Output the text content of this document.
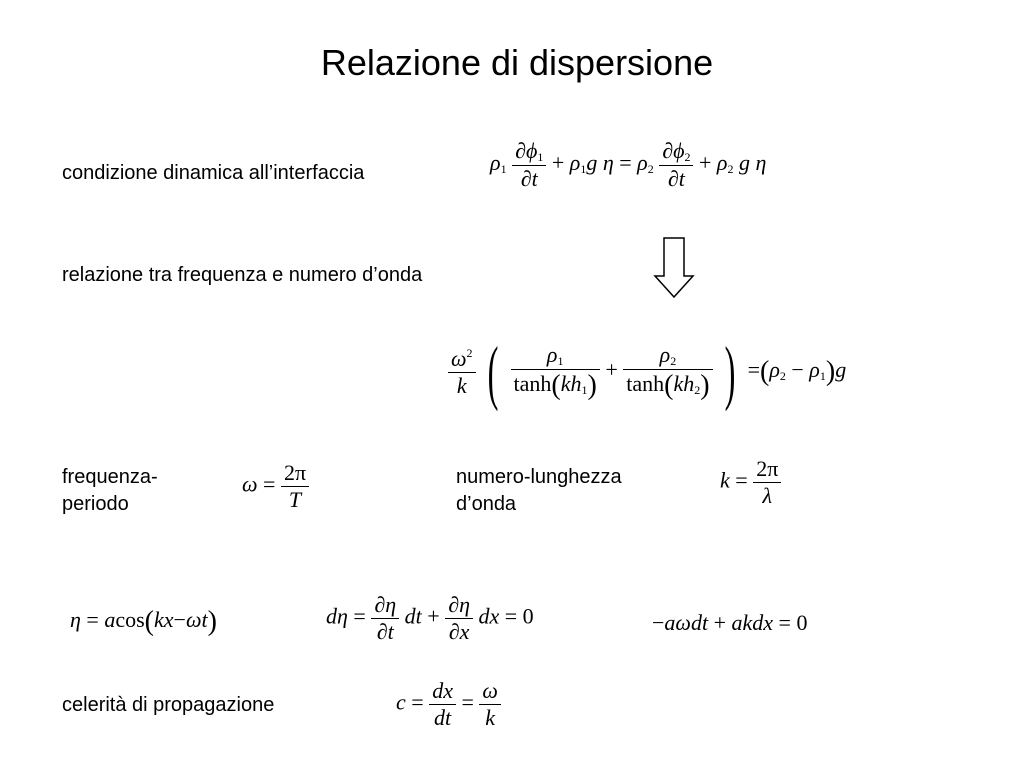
Relazione di dispersione
condizione dinamica all’interfaccia	$\rho_1 \frac{\partial\phi_1}{\partial t} + \rho_1g$ $\eta = \rho_2 \frac{\partial\phi_2}{\partial t} + \rho_2$ g η
relazione tra frequenza e numero d’onda
$\frac{\omega^2}{k}$ ( $\frac{\rho_1}{\tanh(kh_1)} + \frac{\rho_2}{\tanh(kh_2)}$ ) $=(\rho_2 - \rho_1)g$
frequenza-
periodo
$\omega = \frac{2\pi}{T}$	numero-lunghezza
d’onda
$k = \frac{2\pi}{\lambda}$
η = acos(kx−ωt)	$d\eta = \frac{\partial\eta}{\partial t}$ dt + $\frac{\partial\eta}{\partial x}$ dx = 0	−aωdt + akdx = 0
celerità di propagazione	$c = \frac{dx}{dt} = \frac{\omega}{k}$
